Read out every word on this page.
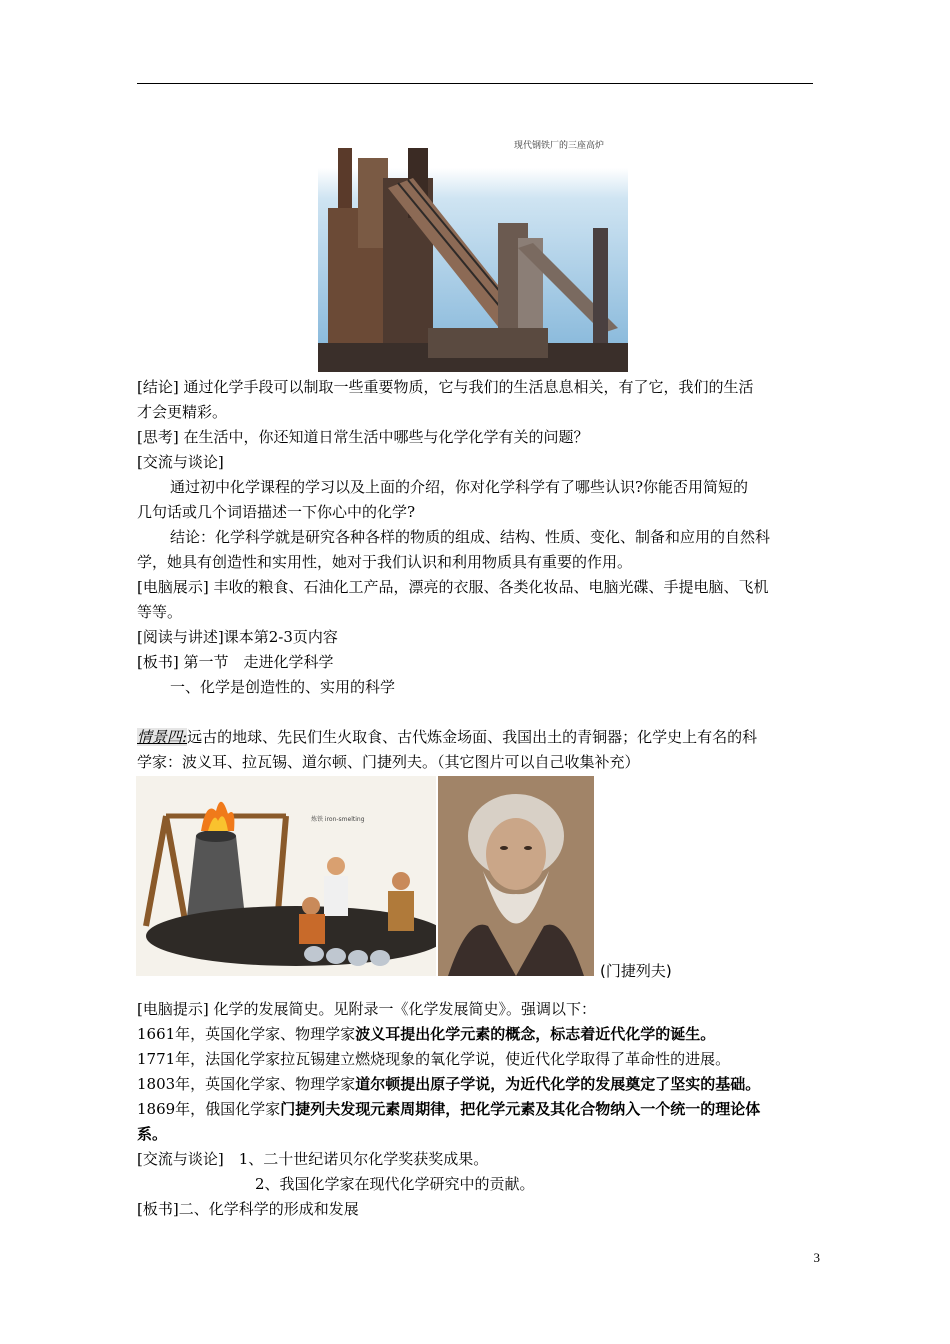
现代钢铁厂的三座高炉
[结论] 通过化学手段可以制取一些重要物质，它与我们的生活息息相关，有了它，我们的生活
才会更精彩。
[思考] 在生活中，你还知道日常生活中哪些与化学化学有关的问题？
[交流与谈论]
通过初中化学课程的学习以及上面的介绍，你对化学科学有了哪些认识?你能否用简短的
几句话或几个词语描述一下你心中的化学?
结论：化学科学就是研究各种各样的物质的组成、结构、性质、变化、制备和应用的自然科
学，她具有创造性和实用性，她对于我们认识和利用物质具有重要的作用。
[电脑展示] 丰收的粮食、石油化工产品，漂亮的衣服、各类化妆品、电脑光碟、手提电脑、飞机
等等。
[阅读与讲述]课本第2-3页内容
[板书] 第一节　走进化学科学
一、化学是创造性的、实用的科学
情景四:远古的地球、先民们生火取食、古代炼金场面、我国出土的青铜器；化学史上有名的科
学家：波义耳、拉瓦锡、道尔顿、门捷列夫。（其它图片可以自己收集补充）
炼铁 iron-smelting
(门捷列夫)
[电脑提示] 化学的发展简史。见附录一《化学发展简史》。强调以下：
1661年，英国化学家、物理学家波义耳提出化学元素的概念，标志着近代化学的诞生。
1771年，法国化学家拉瓦锡建立燃烧现象的氧化学说，使近代化学取得了革命性的进展。
1803年，英国化学家、物理学家道尔顿提出原子学说，为近代化学的发展奠定了坚实的基础。
1869年，俄国化学家门捷列夫发现元素周期律，把化学元素及其化合物纳入一个统一的理论体
系。
[交流与谈论]　1、二十世纪诺贝尔化学奖获奖成果。
2、我国化学家在现代化学研究中的贡献。
[板书]二、化学科学的形成和发展
3
